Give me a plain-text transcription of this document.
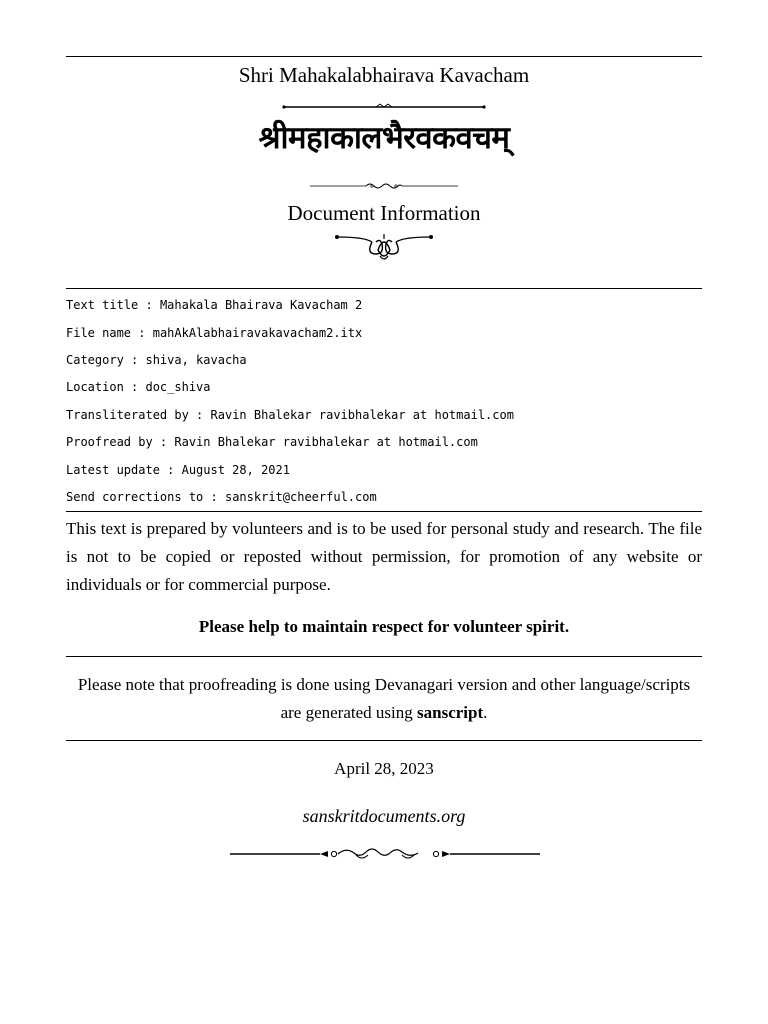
Shri Mahakalabhairava Kavacham
श्रीमहाकालभैरवकवचम्
Document Information
Text title : Mahakala Bhairava Kavacham 2
File name : mahAkAlabhairavakavacham2.itx
Category : shiva, kavacha
Location : doc_shiva
Transliterated by : Ravin Bhalekar ravibhalekar at hotmail.com
Proofread by : Ravin Bhalekar ravibhalekar at hotmail.com
Latest update : August 28, 2021
Send corrections to : sanskrit@cheerful.com
This text is prepared by volunteers and is to be used for personal study and research. The file is not to be copied or reposted without permission, for promotion of any website or individuals or for commercial purpose.
Please help to maintain respect for volunteer spirit.
Please note that proofreading is done using Devanagari version and other language/scripts are generated using sanscript.
April 28, 2023
sanskritdocuments.org
